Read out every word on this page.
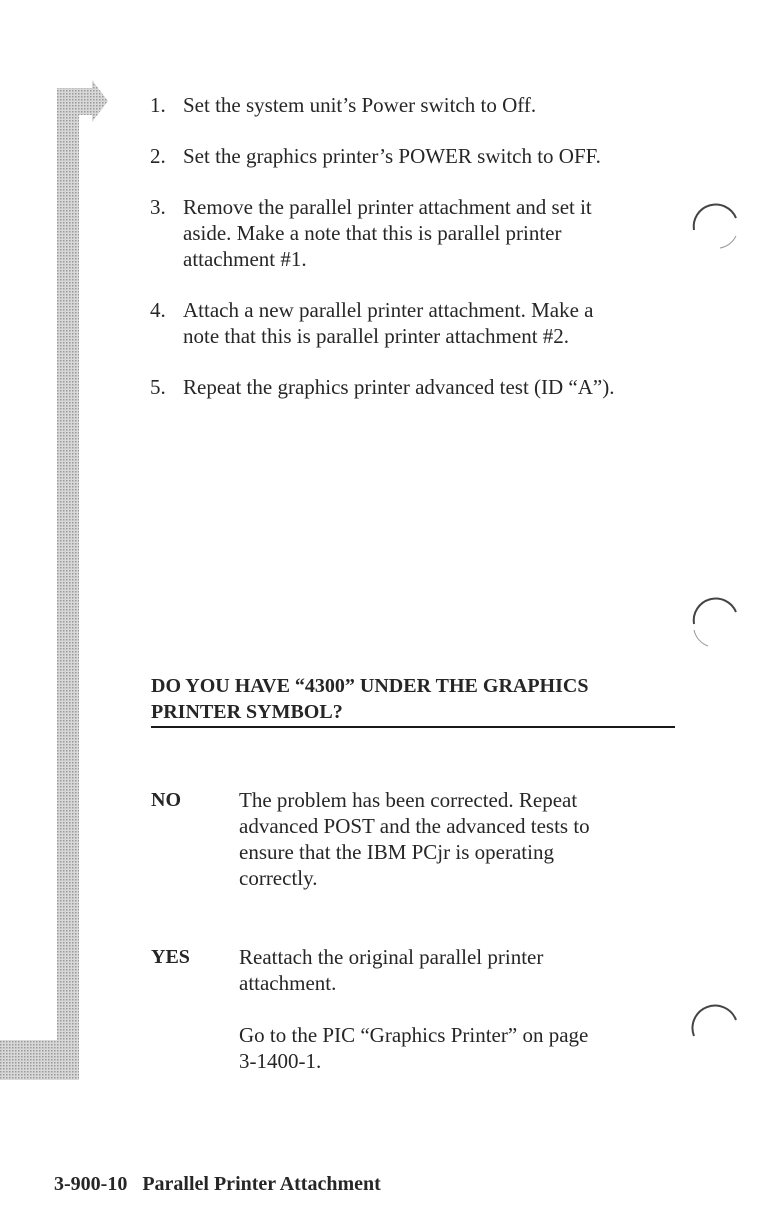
1. Set the system unit’s Power switch to Off.
2. Set the graphics printer’s POWER switch to OFF.
3. Remove the parallel printer attachment and set it
aside. Make a note that this is parallel printer
attachment #1.
4. Attach a new parallel printer attachment. Make a
note that this is parallel printer attachment #2.
5. Repeat the graphics printer advanced test (ID “A”).
DO YOU HAVE “4300” UNDER THE GRAPHICS
PRINTER SYMBOL?
NO	The problem has been corrected. Repeat
advanced POST and the advanced tests to
ensure that the IBM PCjr is operating
correctly.
YES Reattach the original parallel printer
attachment.
Go to the PIC “Graphics Printer” on page
3-1400-1.
3-900-10 Parallel Printer Attachment
